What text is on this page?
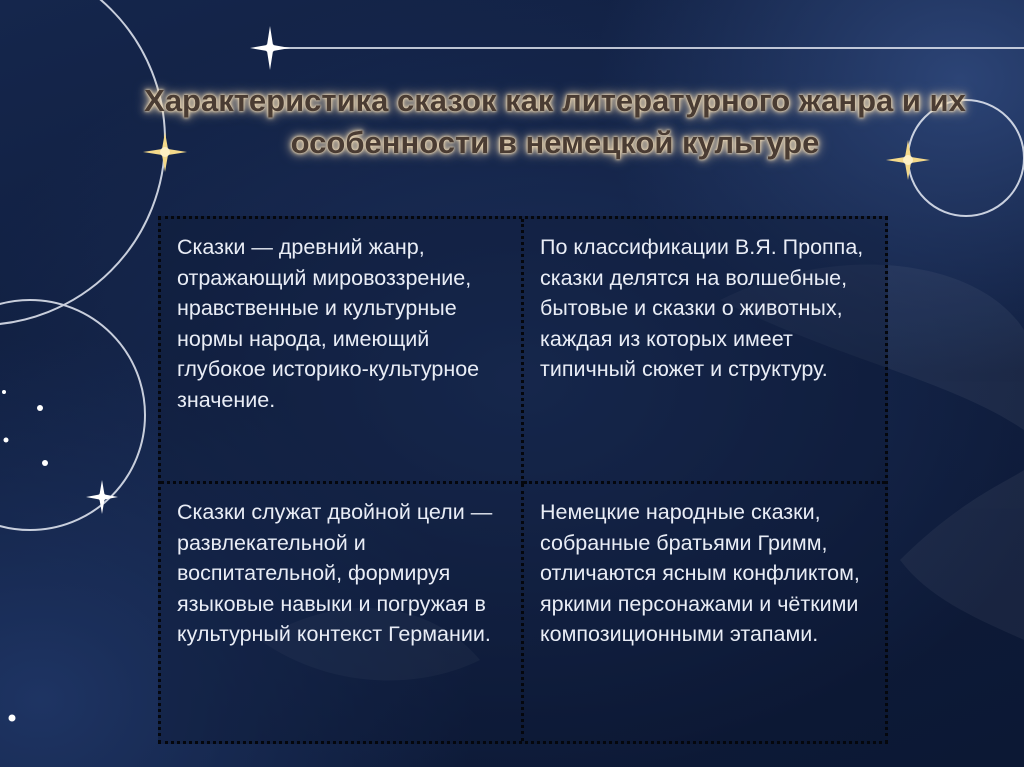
Характеристика сказок как литературного жанра и их особенности в немецкой культуре
Сказки — древний жанр, отражающий мировоззрение, нравственные и культурные нормы народа, имеющий глубокое историко-культурное значение.
По классификации В.Я. Проппа, сказки делятся на волшебные, бытовые и сказки о животных, каждая из которых имеет типичный сюжет и структуру.
Сказки служат двойной цели — развлекательной и воспитательной, формируя языковые навыки и погружая в культурный контекст Германии.
Немецкие народные сказки, собранные братьями Гримм, отличаются ясным конфликтом, яркими персонажами и чёткими композиционными этапами.
